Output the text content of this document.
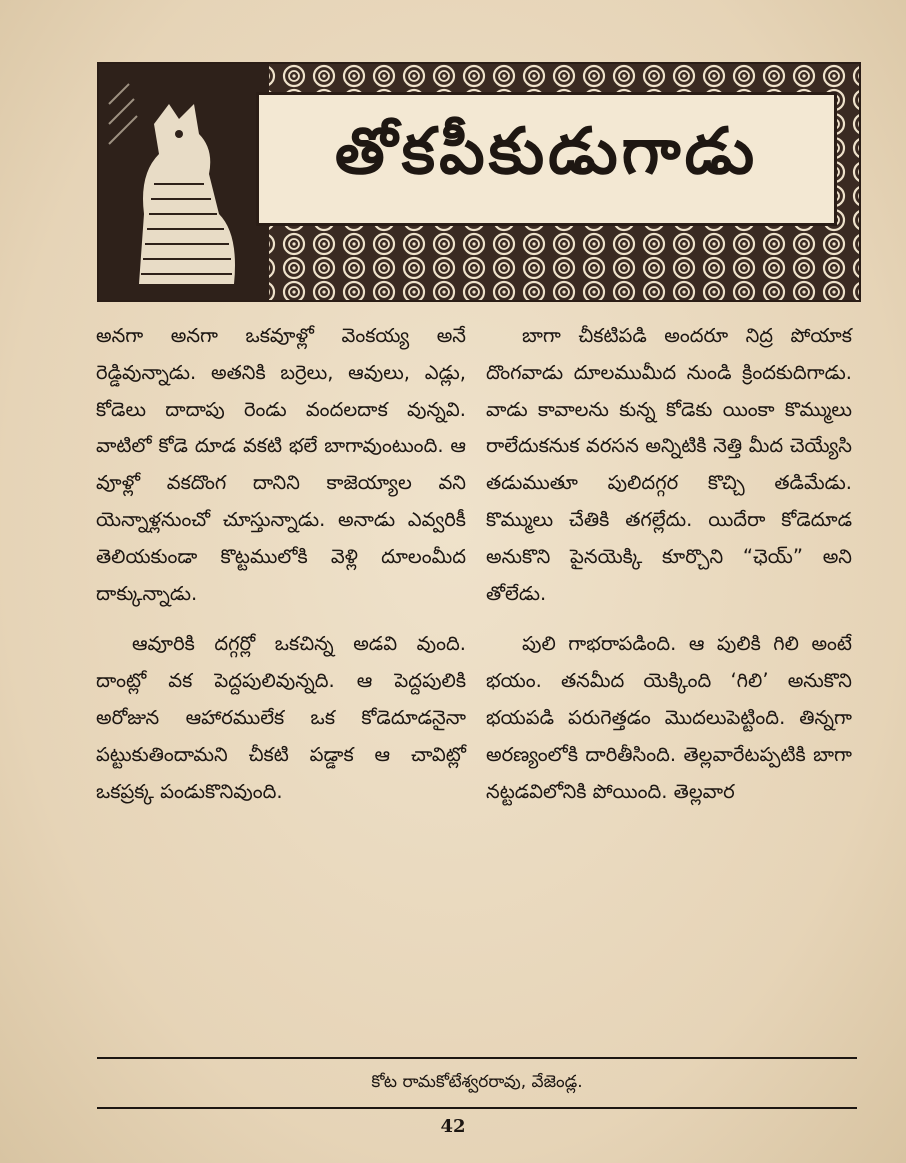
తోకపీకుడుగాడు

అనగా అనగా ఒకవూళ్లో వెంకయ్య అనే రెడ్డివున్నాడు. అతనికి బర్రెలు, ఆవులు, ఎడ్లు, కోడెలు దాదాపు రెండు వందలదాక వున్నవి. వాటిలో కోడె దూడ వకటి భలే బాగావుంటుంది. ఆ వూళ్లో వకదొంగ దానిని కాజెయ్యాల వని యెన్నాళ్లనుంచో చూస్తున్నాడు. అనాడు ఎవ్వరికీ తెలియకుండా కొట్టములోకి వెళ్లి దూలంమీద దాక్కున్నాడు.

ఆవూరికి దగ్గర్లో ఒకచిన్న అడవి వుంది. దాంట్లో వక పెద్దపులివున్నది. ఆ పెద్దపులికి అరోజున ఆహారములేక ఒక కోడెదూడనైనా పట్టుకుతిందామని చీకటి పడ్డాక ఆ చావిట్లో ఒకప్రక్క పండుకొనివుంది.

బాగా చీకటిపడి అందరూ నిద్ర పోయాక దొంగవాడు దూలముమీద నుండి క్రిందకుదిగాడు. వాడు కావాలను కున్న కోడెకు యింకా కొమ్ములు రాలేదుకనుక వరసన అన్నిటికి నెత్తి మీద చెయ్యేసి తడుముతూ పులిదగ్గర కొచ్చి తడిమేడు. కొమ్ములు చేతికి తగల్లేదు. యిదేరా కోడెదూడ అనుకొని పైనయెక్కి కూర్చొని “ఛెయ్” అని తోలేడు.

పులి గాభరాపడింది. ఆ పులికి గిలి అంటే భయం. తనమీద యెక్కింది ‘గిలి’ అనుకొని భయపడి పరుగెత్తడం మొదలుపెట్టింది. తిన్నగా అరణ్యంలోకి దారితీసింది. తెల్లవారేటప్పటికి బాగా నట్టడవిలోనికి పోయింది. తెల్లవార

కోట రామకోటేశ్వరరావు, వేజెండ్ల.
42
